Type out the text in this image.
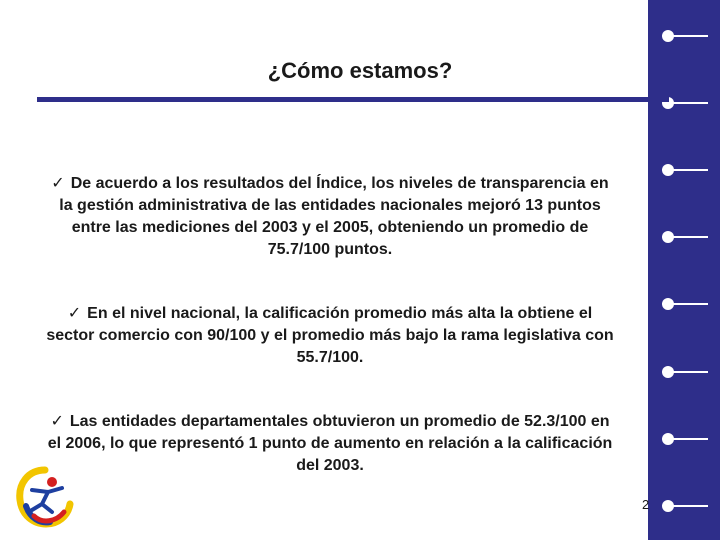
¿Cómo estamos?
✓ De acuerdo a los resultados del Índice, los niveles de transparencia en la gestión administrativa de las entidades nacionales mejoró 13 puntos entre las mediciones del 2003 y el 2005, obteniendo un promedio de 75.7/100 puntos.
✓ En el nivel nacional, la calificación promedio más alta la obtiene el sector comercio con 90/100 y el promedio más bajo la rama legislativa con 55.7/100.
✓ Las entidades departamentales obtuvieron un promedio de 52.3/100 en el 2006, lo que representó 1 punto de aumento en relación a la calificación del 2003.
2
